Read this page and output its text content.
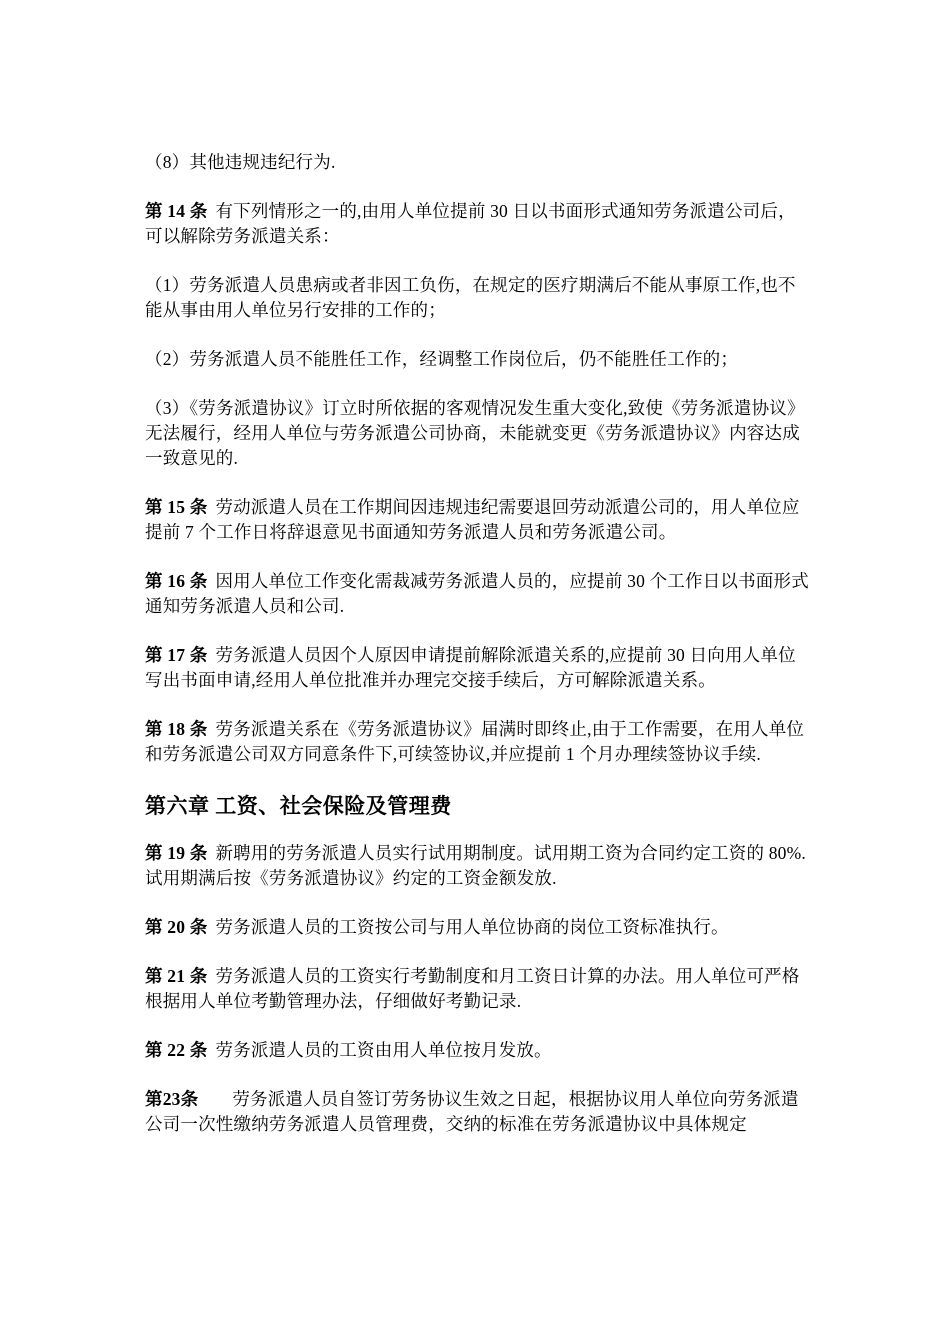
（8）其他违规违纪行为.

第 14 条 有下列情形之一的,由用人单位提前 30 日以书面形式通知劳务派遣公司后，可以解除劳务派遣关系：

（1）劳务派遣人员患病或者非因工负伤，在规定的医疗期满后不能从事原工作,也不能从事由用人单位另行安排的工作的；

（2）劳务派遣人员不能胜任工作，经调整工作岗位后，仍不能胜任工作的；

（3）《劳务派遣协议》订立时所依据的客观情况发生重大变化,致使《劳务派遣协议》无法履行，经用人单位与劳务派遣公司协商，未能就变更《劳务派遣协议》内容达成一致意见的.

第 15 条 劳动派遣人员在工作期间因违规违纪需要退回劳动派遣公司的，用人单位应提前 7 个工作日将辞退意见书面通知劳务派遣人员和劳务派遣公司。

第 16 条 因用人单位工作变化需裁减劳务派遣人员的，应提前 30 个工作日以书面形式通知劳务派遣人员和公司.

第 17 条 劳务派遣人员因个人原因申请提前解除派遣关系的,应提前 30 日向用人单位写出书面申请,经用人单位批准并办理完交接手续后，方可解除派遣关系。

第 18 条 劳务派遣关系在《劳务派遣协议》届满时即终止,由于工作需要，在用人单位和劳务派遣公司双方同意条件下,可续签协议,并应提前 1 个月办理续签协议手续.

第六章 工资、社会保险及管理费

第 19 条 新聘用的劳务派遣人员实行试用期制度。试用期工资为合同约定工资的 80%.试用期满后按《劳务派遣协议》约定的工资金额发放.

第 20 条 劳务派遣人员的工资按公司与用人单位协商的岗位工资标准执行。

第 21 条 劳务派遣人员的工资实行考勤制度和月工资日计算的办法。用人单位可严格根据用人单位考勤管理办法，仔细做好考勤记录.

第 22 条 劳务派遣人员的工资由用人单位按月发放。

第23条 劳务派遣人员自签订劳务协议生效之日起，根据协议用人单位向劳务派遣公司一次性缴纳劳务派遣人员管理费，交纳的标准在劳务派遣协议中具体规定
